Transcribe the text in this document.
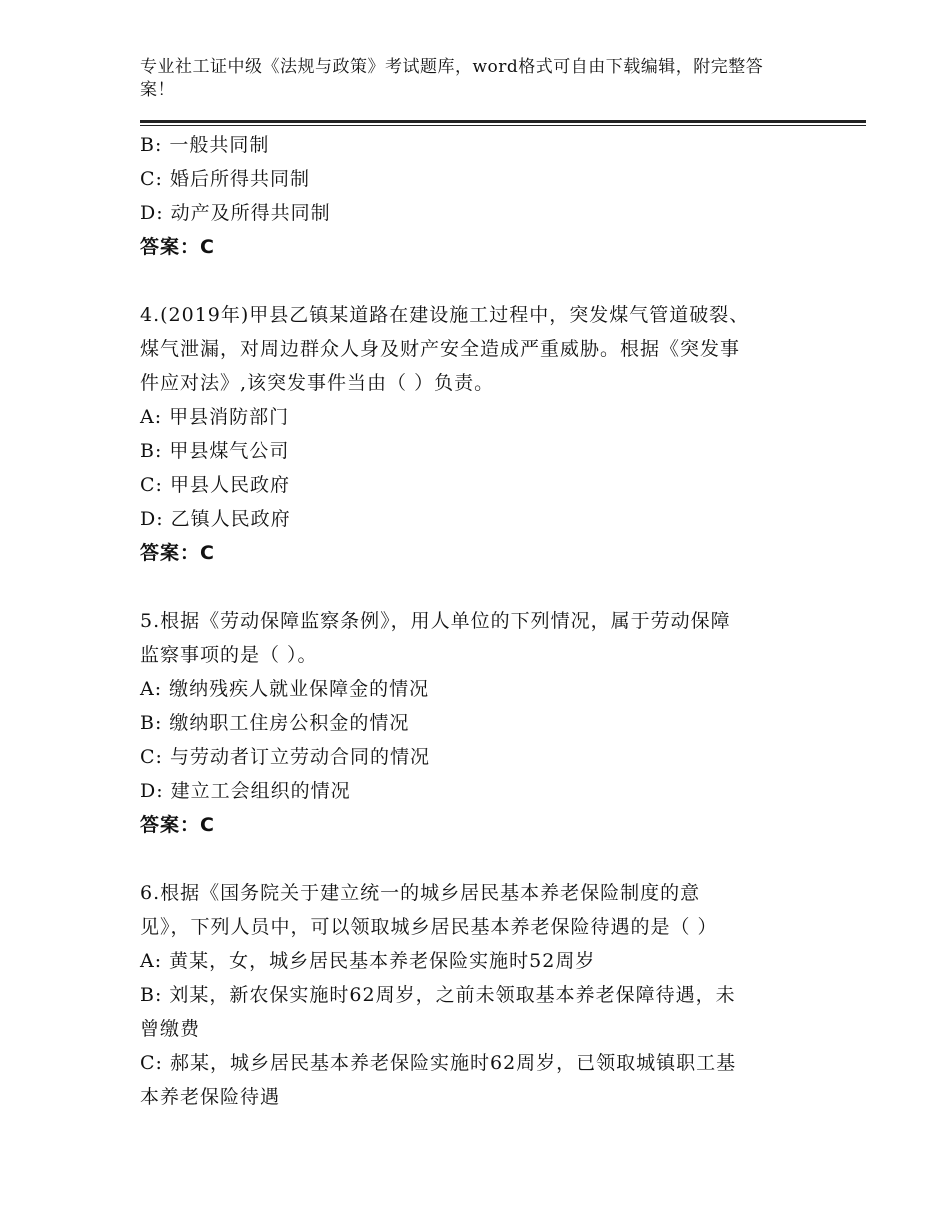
专业社工证中级《法规与政策》考试题库，word格式可自由下载编辑，附完整答
案！
B: 一般共同制
C: 婚后所得共同制
D: 动产及所得共同制
答案：C
4.(2019年)甲县乙镇某道路在建设施工过程中，突发煤气管道破裂、
煤气泄漏，对周边群众人身及财产安全造成严重威胁。根据《突发事
件应对法》,该突发事件当由（ ）负责。
A: 甲县消防部门
B: 甲县煤气公司
C: 甲县人民政府
D: 乙镇人民政府
答案：C
5.根据《劳动保障监察条例》，用人单位的下列情况，属于劳动保障
监察事项的是（ ）。
A: 缴纳残疾人就业保障金的情况
B: 缴纳职工住房公积金的情况
C: 与劳动者订立劳动合同的情况
D: 建立工会组织的情况
答案：C
6.根据《国务院关于建立统一的城乡居民基本养老保险制度的意
见》，下列人员中，可以领取城乡居民基本养老保险待遇的是（ ）
A: 黄某，女，城乡居民基本养老保险实施时52周岁
B: 刘某，新农保实施时62周岁，之前未领取基本养老保障待遇，未
曾缴费
C: 郝某，城乡居民基本养老保险实施时62周岁，已领取城镇职工基
本养老保险待遇
